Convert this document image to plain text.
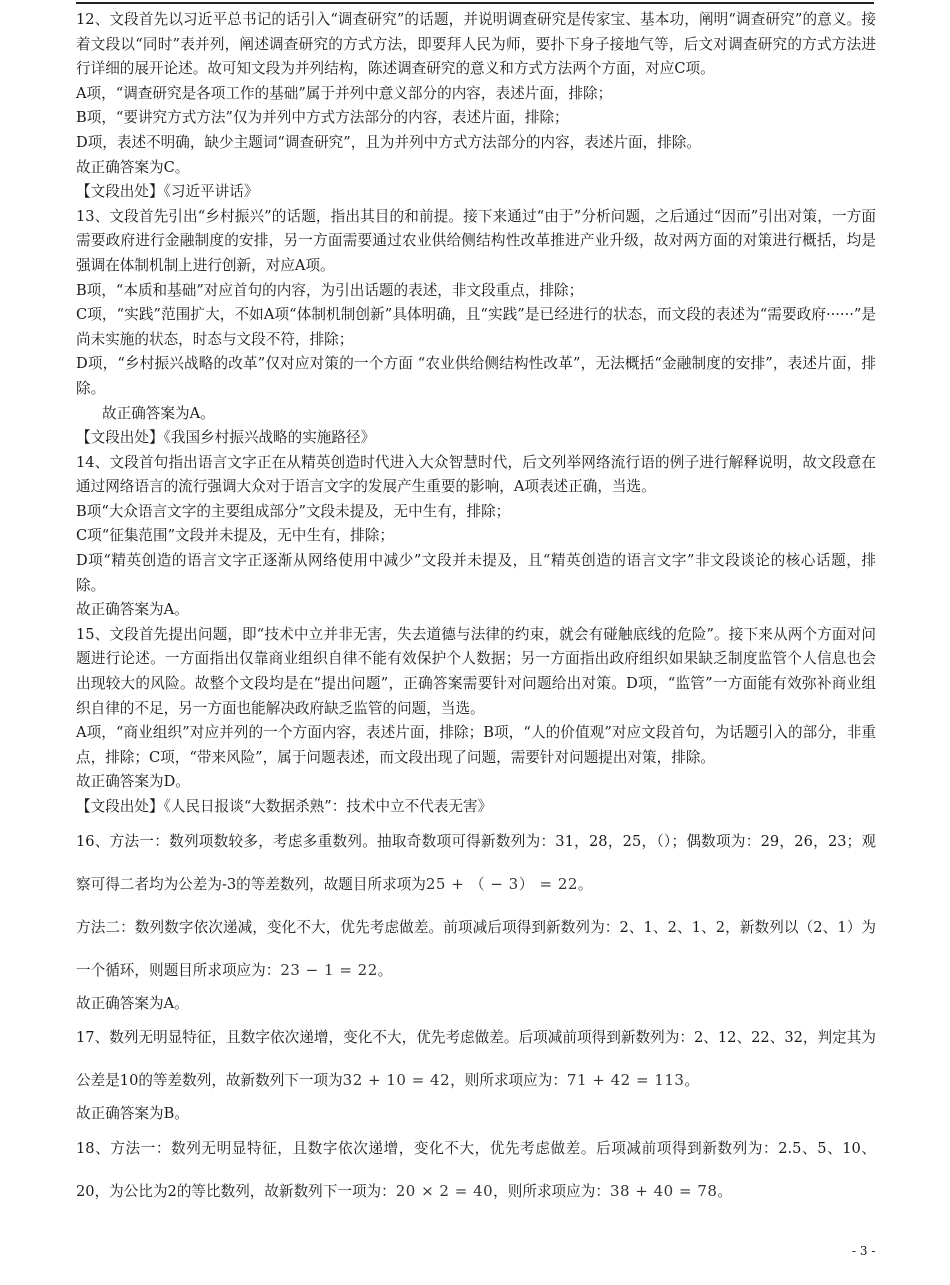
12、文段首先以习近平总书记的话引入“调查研究”的话题，并说明调查研究是传家宝、基本功，阐明“调查研究”的意义。接着文段以“同时”表并列，阐述调查研究的方式方法，即要拜人民为师，要扑下身子接地气等，后文对调查研究的方式方法进行详细的展开论述。故可知文段为并列结构，陈述调查研究的意义和方式方法两个方面，对应C项。

A项，“调查研究是各项工作的基础”属于并列中意义部分的内容，表述片面，排除；

B项，“要讲究方式方法”仅为并列中方式方法部分的内容，表述片面，排除；

D项，表述不明确，缺少主题词“调查研究”，且为并列中方式方法部分的内容，表述片面，排除。

故正确答案为C。

【文段出处】《习近平讲话》

13、文段首先引出“乡村振兴”的话题，指出其目的和前提。接下来通过“由于”分析问题，之后通过“因而”引出对策，一方面需要政府进行金融制度的安排，另一方面需要通过农业供给侧结构性改革推进产业升级，故对两方面的对策进行概括，均是强调在体制机制上进行创新，对应A项。

B项，“本质和基础”对应首句的内容，为引出话题的表述，非文段重点，排除；

C项，“实践”范围扩大，不如A项“体制机制创新”具体明确，且“实践”是已经进行的状态，而文段的表述为“需要政府······”是尚未实施的状态，时态与文段不符，排除；

D项，“乡村振兴战略的改革”仅对应对策的一个方面 “农业供给侧结构性改革”，无法概括“金融制度的安排”，表述片面，排除。

故正确答案为A。

【文段出处】《我国乡村振兴战略的实施路径》

14、文段首句指出语言文字正在从精英创造时代进入大众智慧时代，后文列举网络流行语的例子进行解释说明，故文段意在通过网络语言的流行强调大众对于语言文字的发展产生重要的影响，A项表述正确，当选。

B项“大众语言文字的主要组成部分”文段未提及，无中生有，排除；

C项“征集范围”文段并未提及，无中生有，排除；

D项“精英创造的语言文字正逐渐从网络使用中减少”文段并未提及，且“精英创造的语言文字”非文段谈论的核心话题，排除。

故正确答案为A。

15、文段首先提出问题，即“技术中立并非无害，失去道德与法律的约束，就会有碰触底线的危险”。接下来从两个方面对问题进行论述。一方面指出仅靠商业组织自律不能有效保护个人数据；另一方面指出政府组织如果缺乏制度监管个人信息也会出现较大的风险。故整个文段均是在“提出问题”，正确答案需要针对问题给出对策。D项，“监管”一方面能有效弥补商业组织自律的不足，另一方面也能解决政府缺乏监管的问题，当选。

A项，“商业组织”对应并列的一个方面内容，表述片面，排除；B项，“人的价值观”对应文段首句，为话题引入的部分，非重点，排除；C项，“带来风险”，属于问题表述，而文段出现了问题，需要针对问题提出对策，排除。

故正确答案为D。

【文段出处】《人民日报谈“大数据杀熟”：技术中立不代表无害》

16、方法一：数列项数较多，考虑多重数列。抽取奇数项可得新数列为：31，28，25，（）；偶数项为：29，26，23；观察可得二者均为公差为-3的等差数列，故题目所求项为25 + （ − 3） = 22。

方法二：数列数字依次递减，变化不大，优先考虑做差。前项减后项得到新数列为：2、1、2、1、2，新数列以（2、1）为一个循环，则题目所求项应为：23 − 1 = 22。

故正确答案为A。

17、数列无明显特征，且数字依次递增，变化不大，优先考虑做差。后项减前项得到新数列为：2、12、22、32，判定其为公差是10的等差数列，故新数列下一项为32 + 10 = 42，则所求项应为：71 + 42 = 113。

故正确答案为B。

18、方法一：数列无明显特征，且数字依次递增，变化不大，优先考虑做差。后项减前项得到新数列为：2.5、5、10、20，为公比为2的等比数列，故新数列下一项为：20 × 2 = 40，则所求项应为：38 + 40 = 78。

- 3 -
